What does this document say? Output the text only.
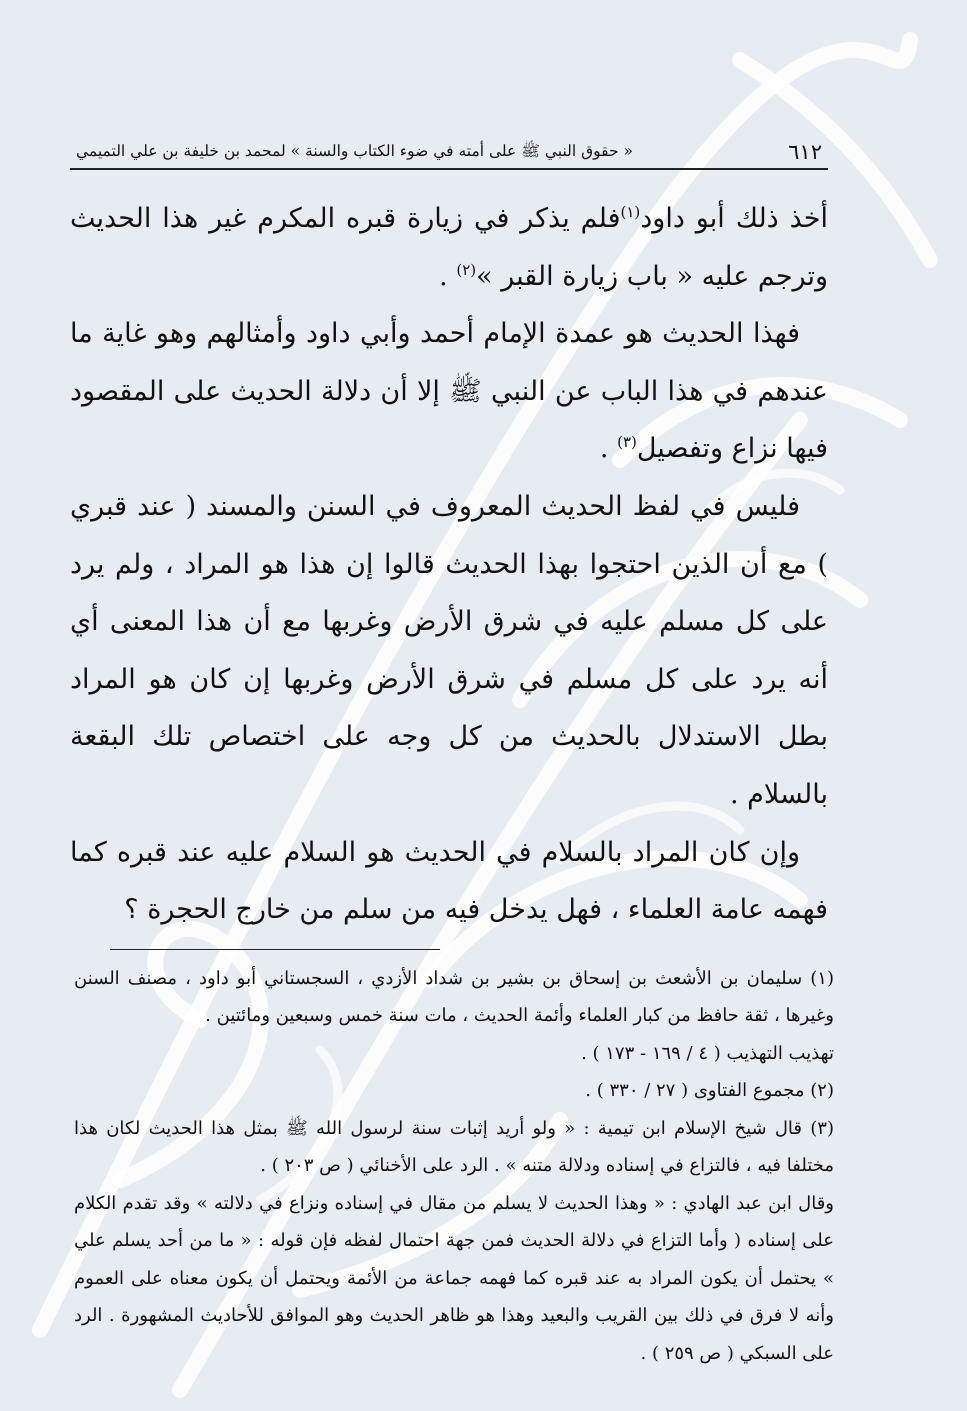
٦١٢
« حقوق النبي ﷺ على أمته في ضوء الكتاب والسنة » لمحمد بن خليفة بن علي التميمي

أخذ ذلك أبو داود$^{(١)}$فلم يذكر في زيارة قبره المكرم غير هذا الحديث وترجم عليه « باب زيارة القبر »$^{(٢)}$ .

فهذا الحديث هو عمدة الإمام أحمد وأبي داود وأمثالهم وهو غاية ما عندهم في هذا الباب عن النبي ﷺ إلا أن دلالة الحديث على المقصود فيها نزاع وتفصيل$^{(٣)}$ .

فليس في لفظ الحديث المعروف في السنن والمسند ( عند قبري ) مع أن الذين احتجوا بهذا الحديث قالوا إن هذا هو المراد ، ولم يرد على كل مسلم عليه في شرق الأرض وغربها مع أن هذا المعنى أي أنه يرد على كل مسلم في شرق الأرض وغربها إن كان هو المراد بطل الاستدلال بالحديث من كل وجه على اختصاص تلك البقعة بالسلام .

وإن كان المراد بالسلام في الحديث هو السلام عليه عند قبره كما فهمه عامة العلماء ، فهل يدخل فيه من سلم من خارج الحجرة ؟

(١) سليمان بن الأشعث بن إسحاق بن بشير بن شداد الأزدي ، السجستاني أبو داود ، مصنف السنن وغيرها ، ثقة حافظ من كبار العلماء وأئمة الحديث ، مات سنة خمس وسبعين ومائتين .

تهذيب التهذيب ( ٤ / ١٦٩ - ١٧٣ ) .

(٢) مجموع الفتاوى ( ٢٧ / ٣٣٠ ) .

(٣) قال شيخ الإسلام ابن تيمية : « ولو أريد إثبات سنة لرسول الله ﷺ بمثل هذا الحديث لكان هذا مختلفا فيه ، فالتزاع في إسناده ودلالة متنه » . الرد على الأخنائي ( ص ٢٠٣ ) .

وقال ابن عبد الهادي : « وهذا الحديث لا يسلم من مقال في إسناده ونزاع في دلالته » وقد تقدم الكلام على إسناده ( وأما التزاع في دلالة الحديث فمن جهة احتمال لفظه فإن قوله : « ما من أحد يسلم علي » يحتمل أن يكون المراد به عند قبره كما فهمه جماعة من الأئمة ويحتمل أن يكون معناه على العموم وأنه لا فرق في ذلك بين القريب والبعيد وهذا هو ظاهر الحديث وهو الموافق للأحاديث المشهورة . الرد على السبكي ( ص ٢٥٩ ) .
